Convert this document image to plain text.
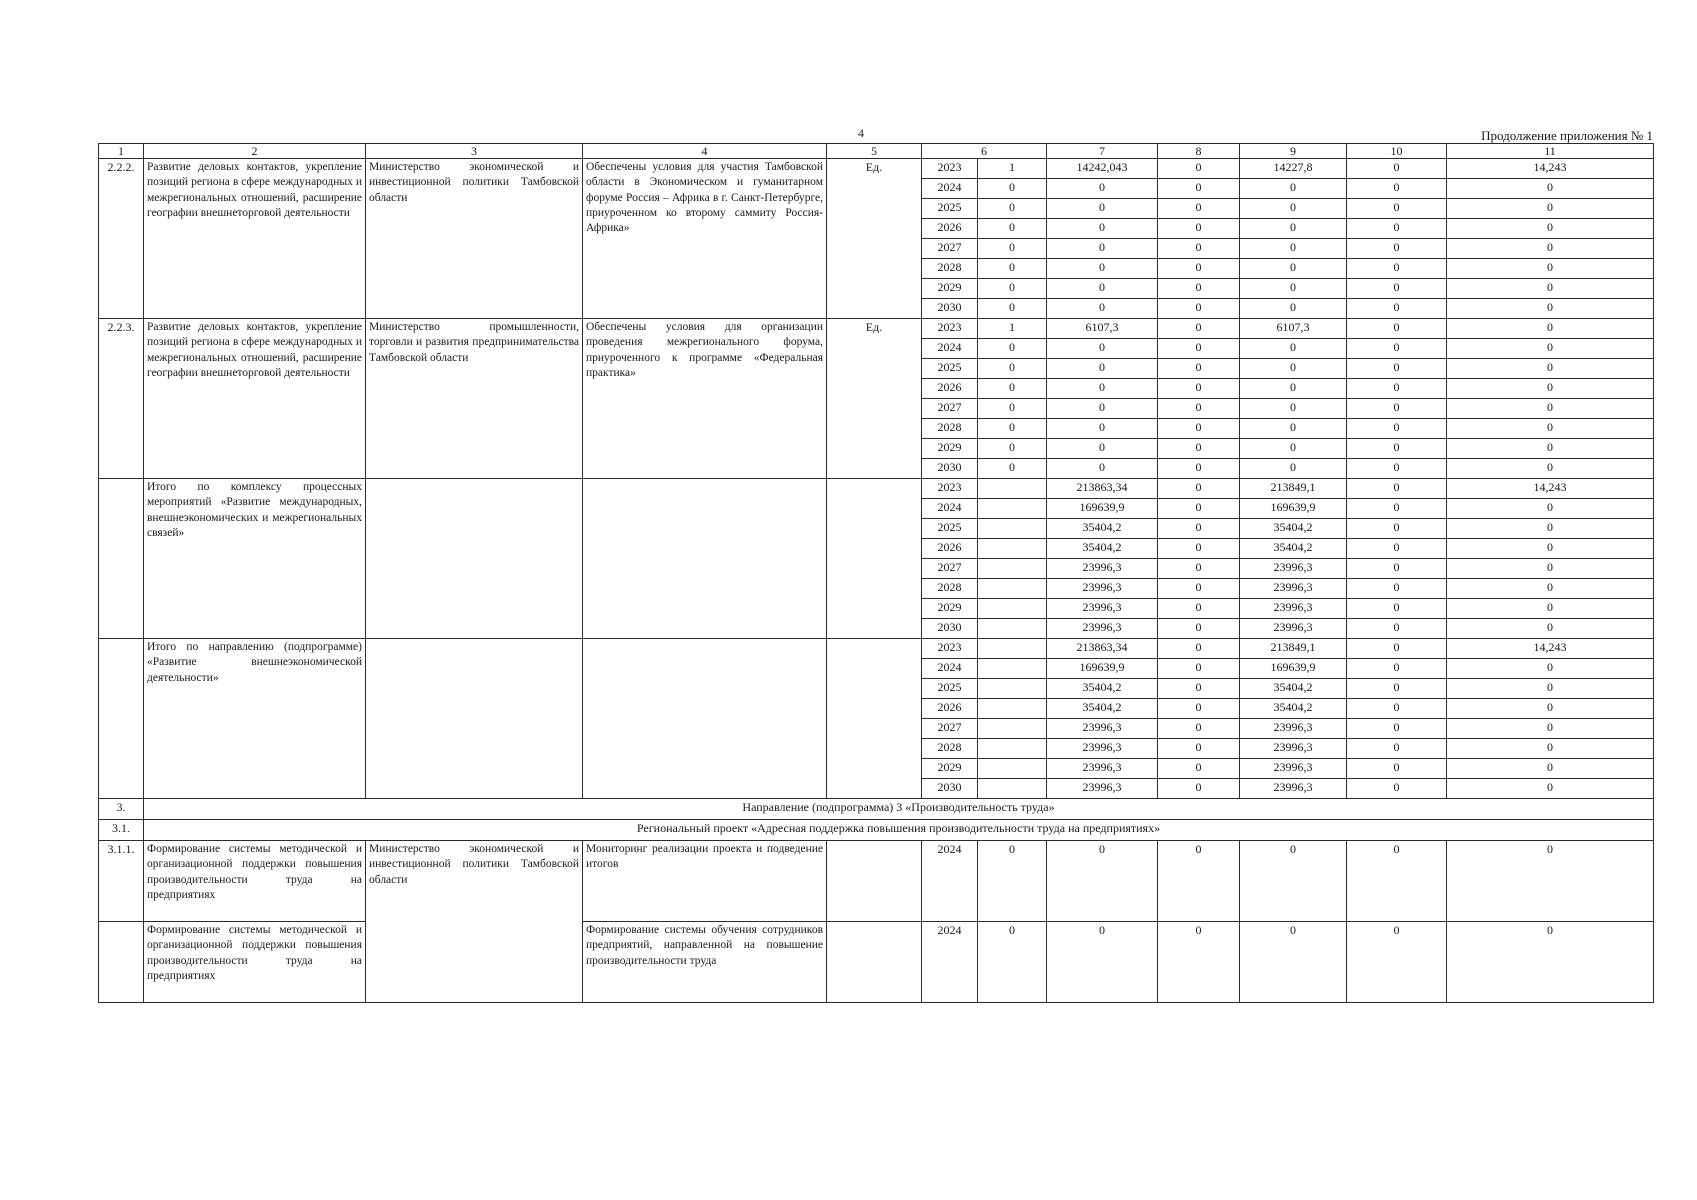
4	Продолжение приложения № 1
1	2	3	4	5	6		7	8	9	10	11
2.2.2.	Развитие деловых контактов, укрепление позиций региона в сфере международных и межрегиональных отношений, расширение географии внешнеторговой деятельности	Министерство экономической и инвестиционной политики Тамбовской области	Обеспечены условия для участия Тамбовской области в Экономическом и гуманитарном форуме Россия – Африка в г. Санкт-Петербурге, приуроченном ко второму саммиту Россия-Африка»	Ед.	2023	1	14242,043	0	14227,8	0	14,243
					2024	0	0	0	0	0	0
					2025	0	0	0	0	0	0
					2026	0	0	0	0	0	0
					2027	0	0	0	0	0	0
					2028	0	0	0	0	0	0
					2029	0	0	0	0	0	0
					2030	0	0	0	0	0	0
2.2.3.	Развитие деловых контактов, укрепление позиций региона в сфере международных и межрегиональных отношений, расширение географии внешнеторговой деятельности	Министерство промышленности, торговли и развития предпринимательства Тамбовской области	Обеспечены условия для организации проведения межрегионального форума, приуроченного к программе «Федеральная практика»	Ед.	2023	1	6107,3	0	6107,3	0	0
					2024	0	0	0	0	0	0
					2025	0	0	0	0	0	0
					2026	0	0	0	0	0	0
					2027	0	0	0	0	0	0
					2028	0	0	0	0	0	0
					2029	0	0	0	0	0	0
					2030	0	0	0	0	0	0
	Итого по комплексу процессных мероприятий «Развитие международных, внешнеэкономических и межрегиональных связей»				2023		213863,34	0	213849,1	0	14,243
					2024		169639,9	0	169639,9	0	0
					2025		35404,2	0	35404,2	0	0
					2026		35404,2	0	35404,2	0	0
					2027		23996,3	0	23996,3	0	0
					2028		23996,3	0	23996,3	0	0
					2029		23996,3	0	23996,3	0	0
					2030		23996,3	0	23996,3	0	0
	Итого по направлению (подпрограмме) «Развитие внешнеэкономической деятельности»				2023		213863,34	0	213849,1	0	14,243
					2024		169639,9	0	169639,9	0	0
					2025		35404,2	0	35404,2	0	0
					2026		35404,2	0	35404,2	0	0
					2027		23996,3	0	23996,3	0	0
					2028		23996,3	0	23996,3	0	0
					2029		23996,3	0	23996,3	0	0
					2030		23996,3	0	23996,3	0	0
3.	Направление (подпрограмма) 3 «Производительность труда»										
3.1.	Региональный проект «Адресная поддержка повышения производительности труда на предприятиях»										
3.1.1.	Формирование системы методической и организационной поддержки повышения производительности труда на предприятиях	Министерство экономической и инвестиционной политики Тамбовской области	Мониторинг реализации проекта и подведение итогов		2024	0	0	0	0	0	0
	Формирование системы методической и организационной поддержки повышения производительности труда на предприятиях		Формирование системы обучения сотрудников предприятий, направленной на повышение производительности труда		2024	0	0	0	0	0	0
